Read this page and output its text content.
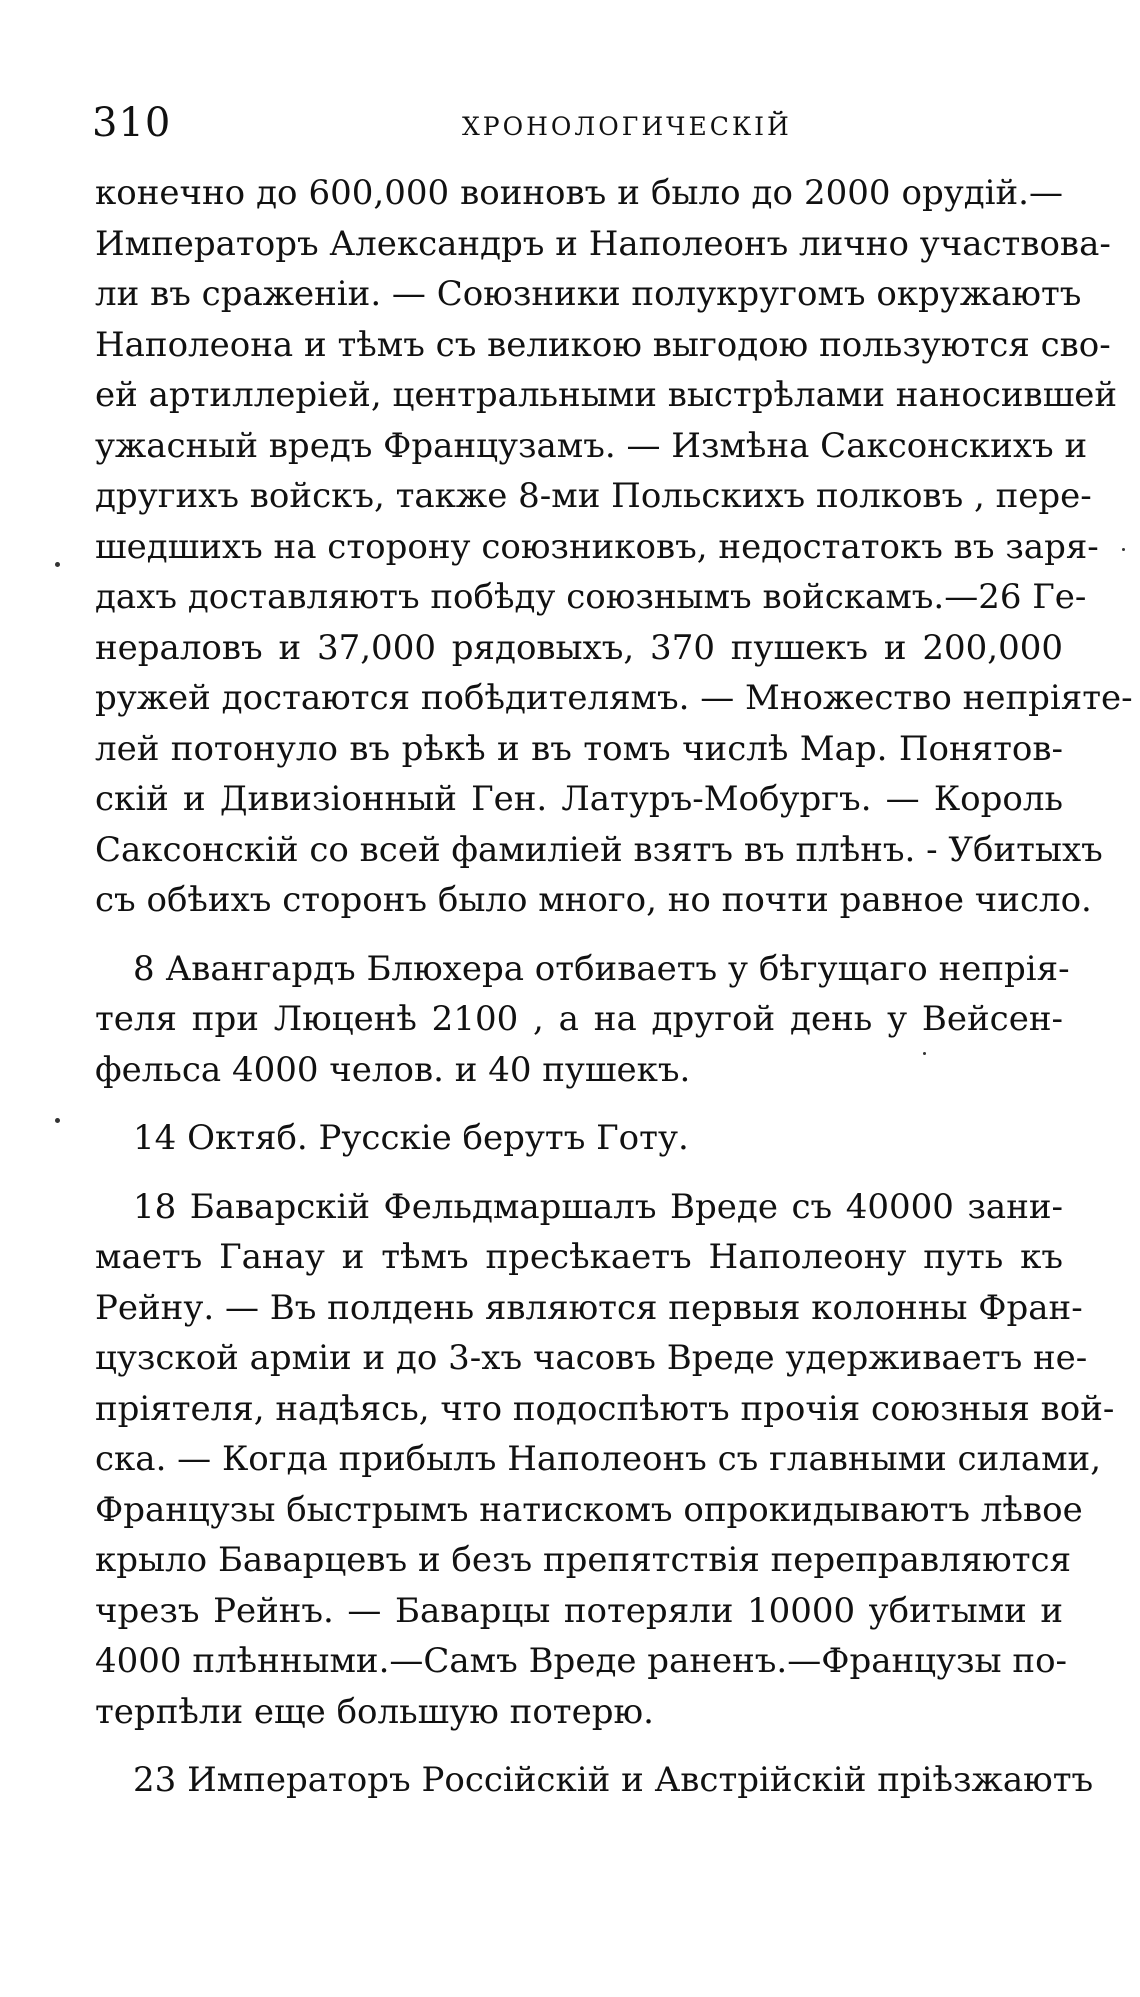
310	ХРОНОЛОГИЧЕСКІЙ
конечно до 600,000 воиновъ и было до 2000 орудій.—
Императоръ Александръ и Наполеонъ лично участвова-
ли въ сраженіи. — Союзники полукругомъ окружаютъ
Наполеона и тѣмъ съ великою выгодою пользуются сво-
ей артиллеріей, центральными выстрѣлами наносившей
ужасный вредъ Французамъ. — Измѣна Саксонскихъ и
другихъ войскъ, также 8-ми Польскихъ полковъ , пере-
шедшихъ на сторону союзниковъ, недостатокъ въ заря-
дахъ доставляютъ побѣду союзнымъ войскамъ.—26 Ге-
нераловъ и 37,000 рядовыхъ, 370 пушекъ и 200,000
ружей достаются побѣдителямъ. — Множество непріяте-
лей потонуло въ рѣкѣ и въ томъ числѣ Мар. Понятов-
скій и Дивизіонный Ген. Латуръ-Мобургъ. — Король
Саксонскій со всей фамиліей взятъ въ плѣнъ. - Убитыхъ
съ обѣихъ сторонъ было много, но почти равное число.
8 Авангардъ Блюхера отбиваетъ у бѣгущаго непрія-
теля при Люценѣ 2100 , а на другой день у Вейсен-
фельса 4000 челов. и 40 пушекъ.
14 Октяб. Русскіе берутъ Готу.
18 Баварскій Фельдмаршалъ Вреде съ 40000 зани-
маетъ Ганау и тѣмъ пресѣкаетъ Наполеону путь къ
Рейну. — Въ полдень являются первыя колонны Фран-
цузской арміи и до 3-хъ часовъ Вреде удерживаетъ не-
пріятеля, надѣясь, что подоспѣютъ прочія союзныя вой-
ска. — Когда прибылъ Наполеонъ съ главными силами,
Французы быстрымъ натискомъ опрокидываютъ лѣвое
крыло Баварцевъ и безъ препятствія переправляются
чрезъ Рейнъ. — Баварцы потеряли 10000 убитыми и
4000 плѣнными.—Самъ Вреде раненъ.—Французы по-
терпѣли еще большую потерю.
23 Императоръ Россійскій и Австрійскій пріѣзжаютъ
